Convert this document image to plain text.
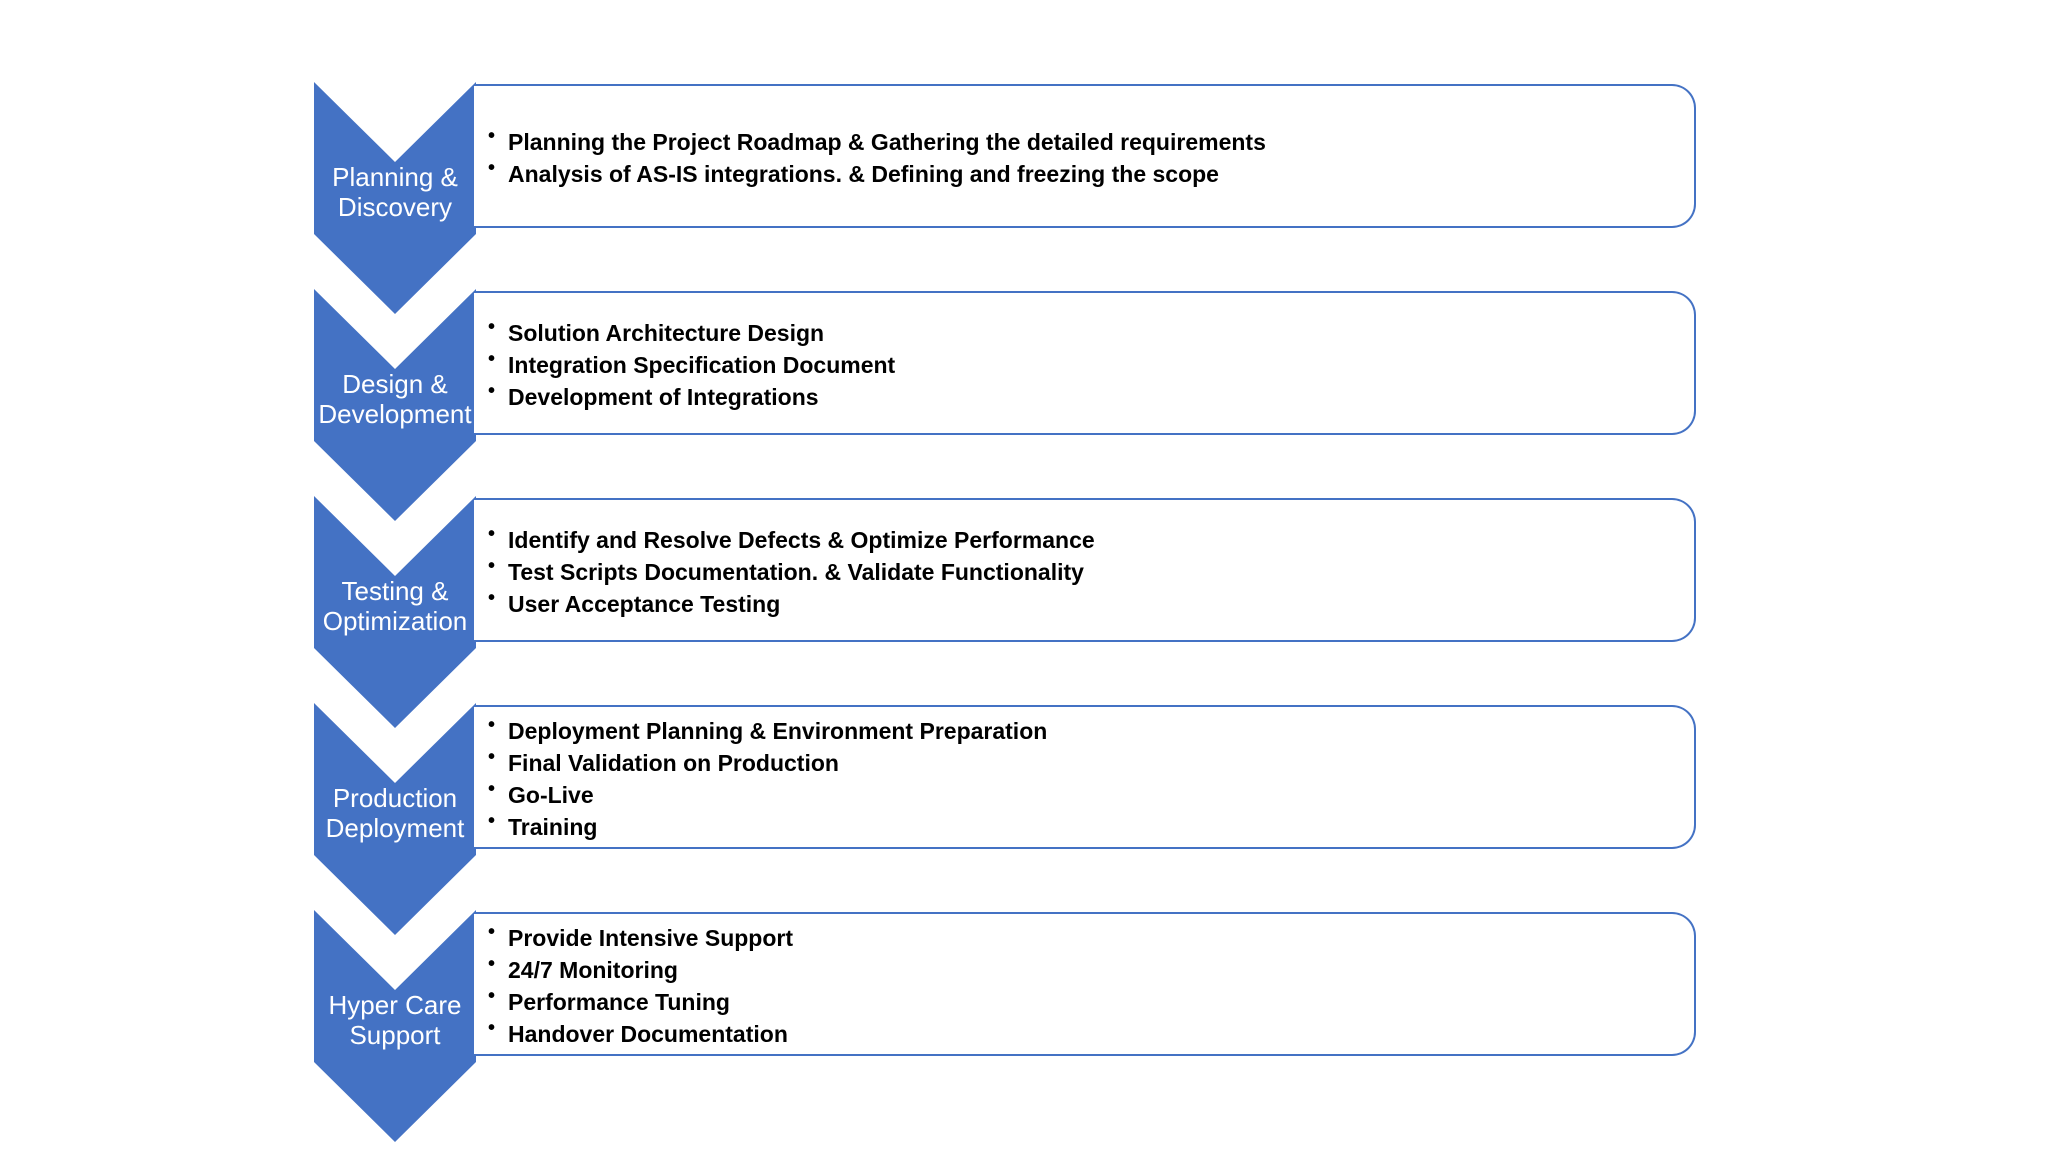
Planning &
Discovery
• Planning the Project Roadmap & Gathering the detailed requirements
• Analysis of AS-IS integrations. & Defining and freezing the scope
Design &
Development
• Solution Architecture Design
• Integration Specification Document
• Development of Integrations
Testing &
Optimization
• Identify and Resolve Defects & Optimize Performance
• Test Scripts Documentation. & Validate Functionality
• User Acceptance Testing
Production
Deployment
• Deployment Planning & Environment Preparation
• Final Validation on Production
• Go-Live
• Training
Hyper Care
Support
• Provide Intensive Support
• 24/7 Monitoring
• Performance Tuning
• Handover Documentation
